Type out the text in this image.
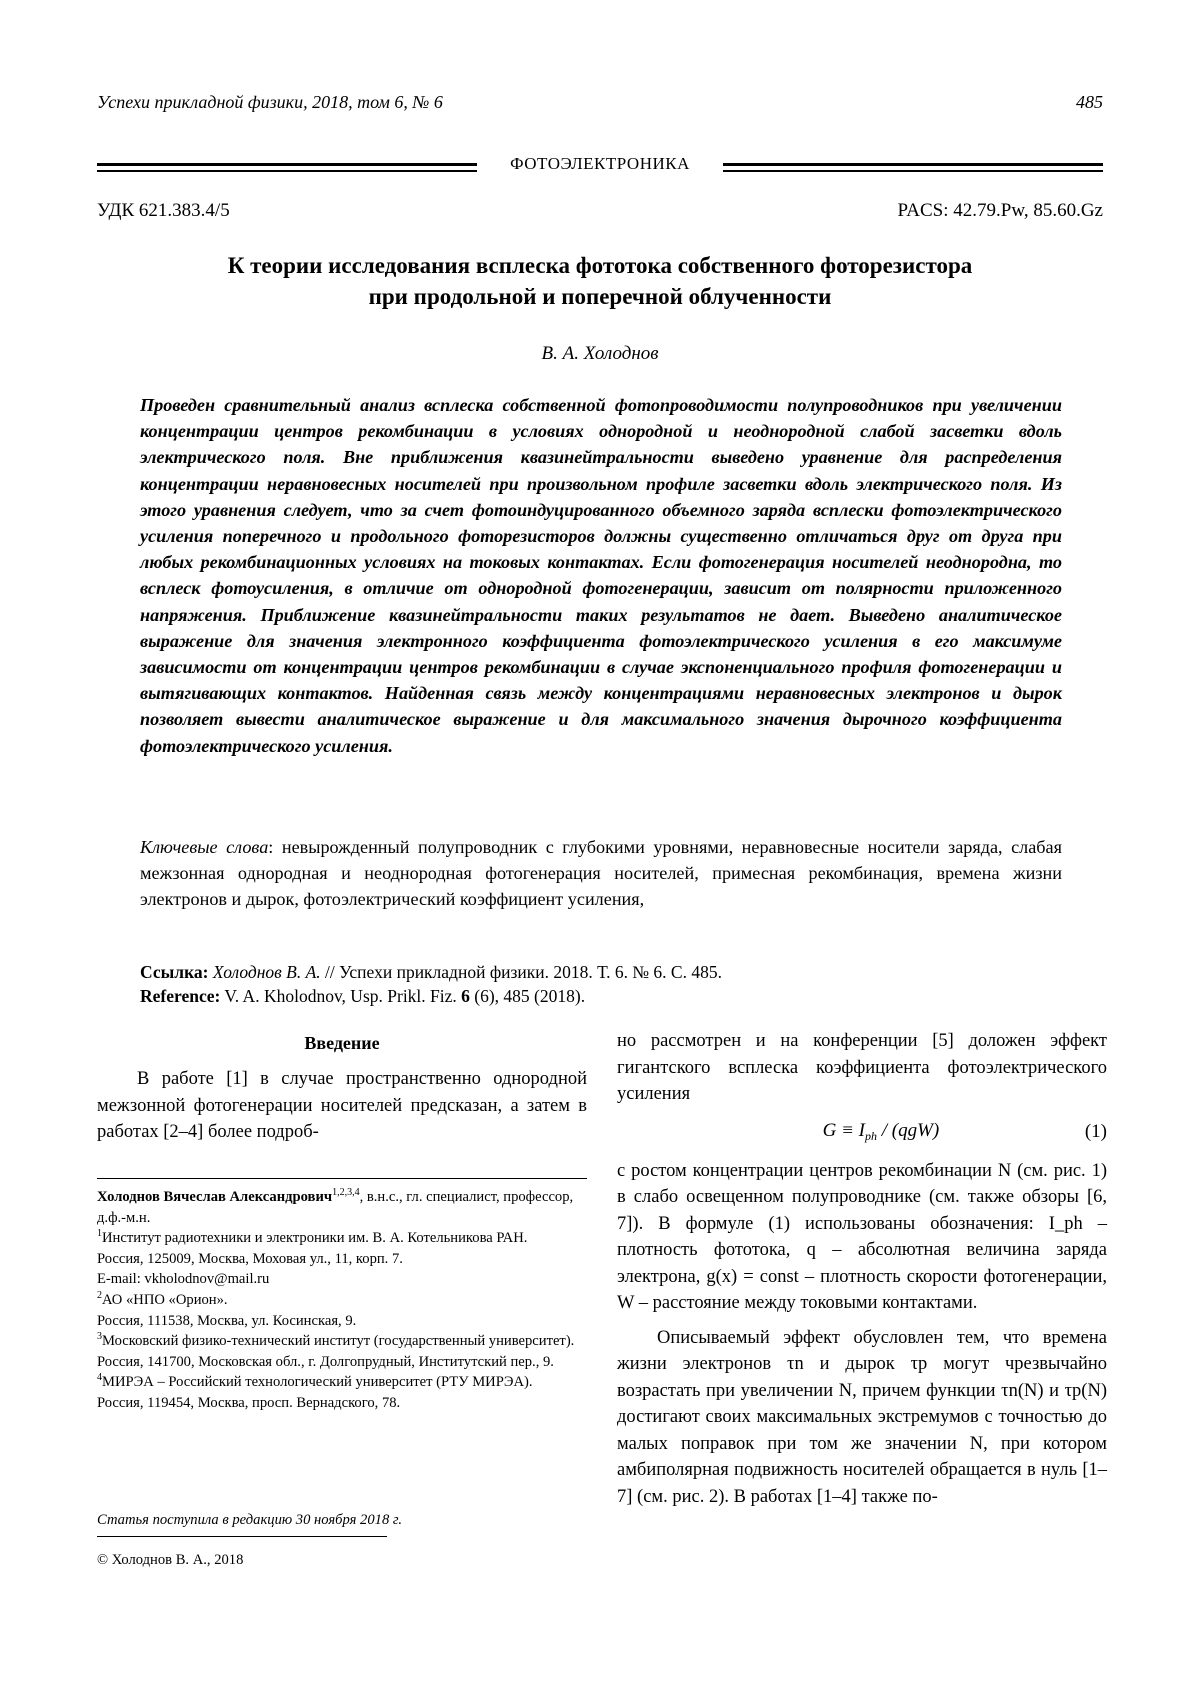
Успехи прикладной физики, 2018, том 6, № 6	485
ФОТОЭЛЕКТРОНИКА
УДК 621.383.4/5	PACS: 42.79.Pw, 85.60.Gz
К теории исследования всплеска фототока собственного фоторезистора
при продольной и поперечной облученности
В. А. Холоднов
Проведен сравнительный анализ всплеска собственной фотопроводимости полупроводников при увеличении концентрации центров рекомбинации в условиях однородной и неоднородной слабой засветки вдоль электрического поля. Вне приближения квазинейтральности выведено уравнение для распределения концентрации неравновесных носителей при произвольном профиле засветки вдоль электрического поля. Из этого уравнения следует, что за счет фотоиндуцированного объемного заряда всплески фотоэлектрического усиления поперечного и продольного фоторезисторов должны существенно отличаться друг от друга при любых рекомбинационных условиях на токовых контактах. Если фотогенерация носителей неоднородна, то всплеск фотоусиления, в отличие от однородной фотогенерации, зависит от полярности приложенного напряжения. Приближение квазинейтральности таких результатов не дает. Выведено аналитическое выражение для значения электронного коэффициента фотоэлектрического усиления в его максимуме зависимости от концентрации центров рекомбинации в случае экспоненциального профиля фотогенерации и вытягивающих контактов. Найденная связь между концентрациями неравновесных электронов и дырок позволяет вывести аналитическое выражение и для максимального значения дырочного коэффициента фотоэлектрического усиления.
Ключевые слова: невырожденный полупроводник с глубокими уровнями, неравновесные носители заряда, слабая межзонная однородная и неоднородная фотогенерация носителей, примесная рекомбинация, времена жизни электронов и дырок, фотоэлектрический коэффициент усиления,
Ссылка: Холоднов В. А. // Успехи прикладной физики. 2018. Т. 6. № 6. С. 485.
Reference: V. A. Kholodnov, Usp. Prikl. Fiz. 6 (6), 485 (2018).
Введение

В работе [1] в случае пространственно однородной межзонной фотогенерации носителей предсказан, а затем в работах [2–4] более подроб-

но рассмотрен и на конференции [5] доложен эффект гигантского всплеска коэффициента фотоэлектрического усиления

$G \equiv I_{ph} / (qgW)$	(1)

с ростом концентрации центров рекомбинации N (см. рис. 1) в слабо освещенном полупроводнике (см. также обзоры [6, 7]). В формуле (1) использованы обозначения: I_ph – плотность фототока, q – абсолютная величина заряда электрона, g(x) = const – плотность скорости фотогенерации, W – расстояние между токовыми контактами.

Описываемый эффект обусловлен тем, что времена жизни электронов τn и дырок τp могут чрезвычайно возрастать при увеличении N, причем функции τn(N) и τp(N) достигают своих максимальных экстремумов с точностью до малых поправок при том же значении N, при котором амбиполярная подвижность носителей обращается в нуль [1–7] (см. рис. 2). В работах [1–4] также по-

Холоднов Вячеслав Александрович$^{1,2,3,4}$, в.н.с., гл. специалист, профессор, д.ф.-м.н.
$^1$Институт радиотехники и электроники им. В. А. Котельникова РАН.
Россия, 125009, Москва, Моховая ул., 11, корп. 7.
E-mail: vkholodnov@mail.ru
$^2$АО «НПО «Орион».
Россия, 111538, Москва, ул. Косинская, 9.
$^3$Московский физико-технический институт (государственный университет).
Россия, 141700, Московская обл., г. Долгопрудный, Институтский пер., 9.
$^4$МИРЭА – Российский технологический университет (РТУ МИРЭА).
Россия, 119454, Москва, просп. Вернадского, 78.
Статья поступила в редакцию 30 ноября 2018 г.
© Холоднов В. А., 2018
